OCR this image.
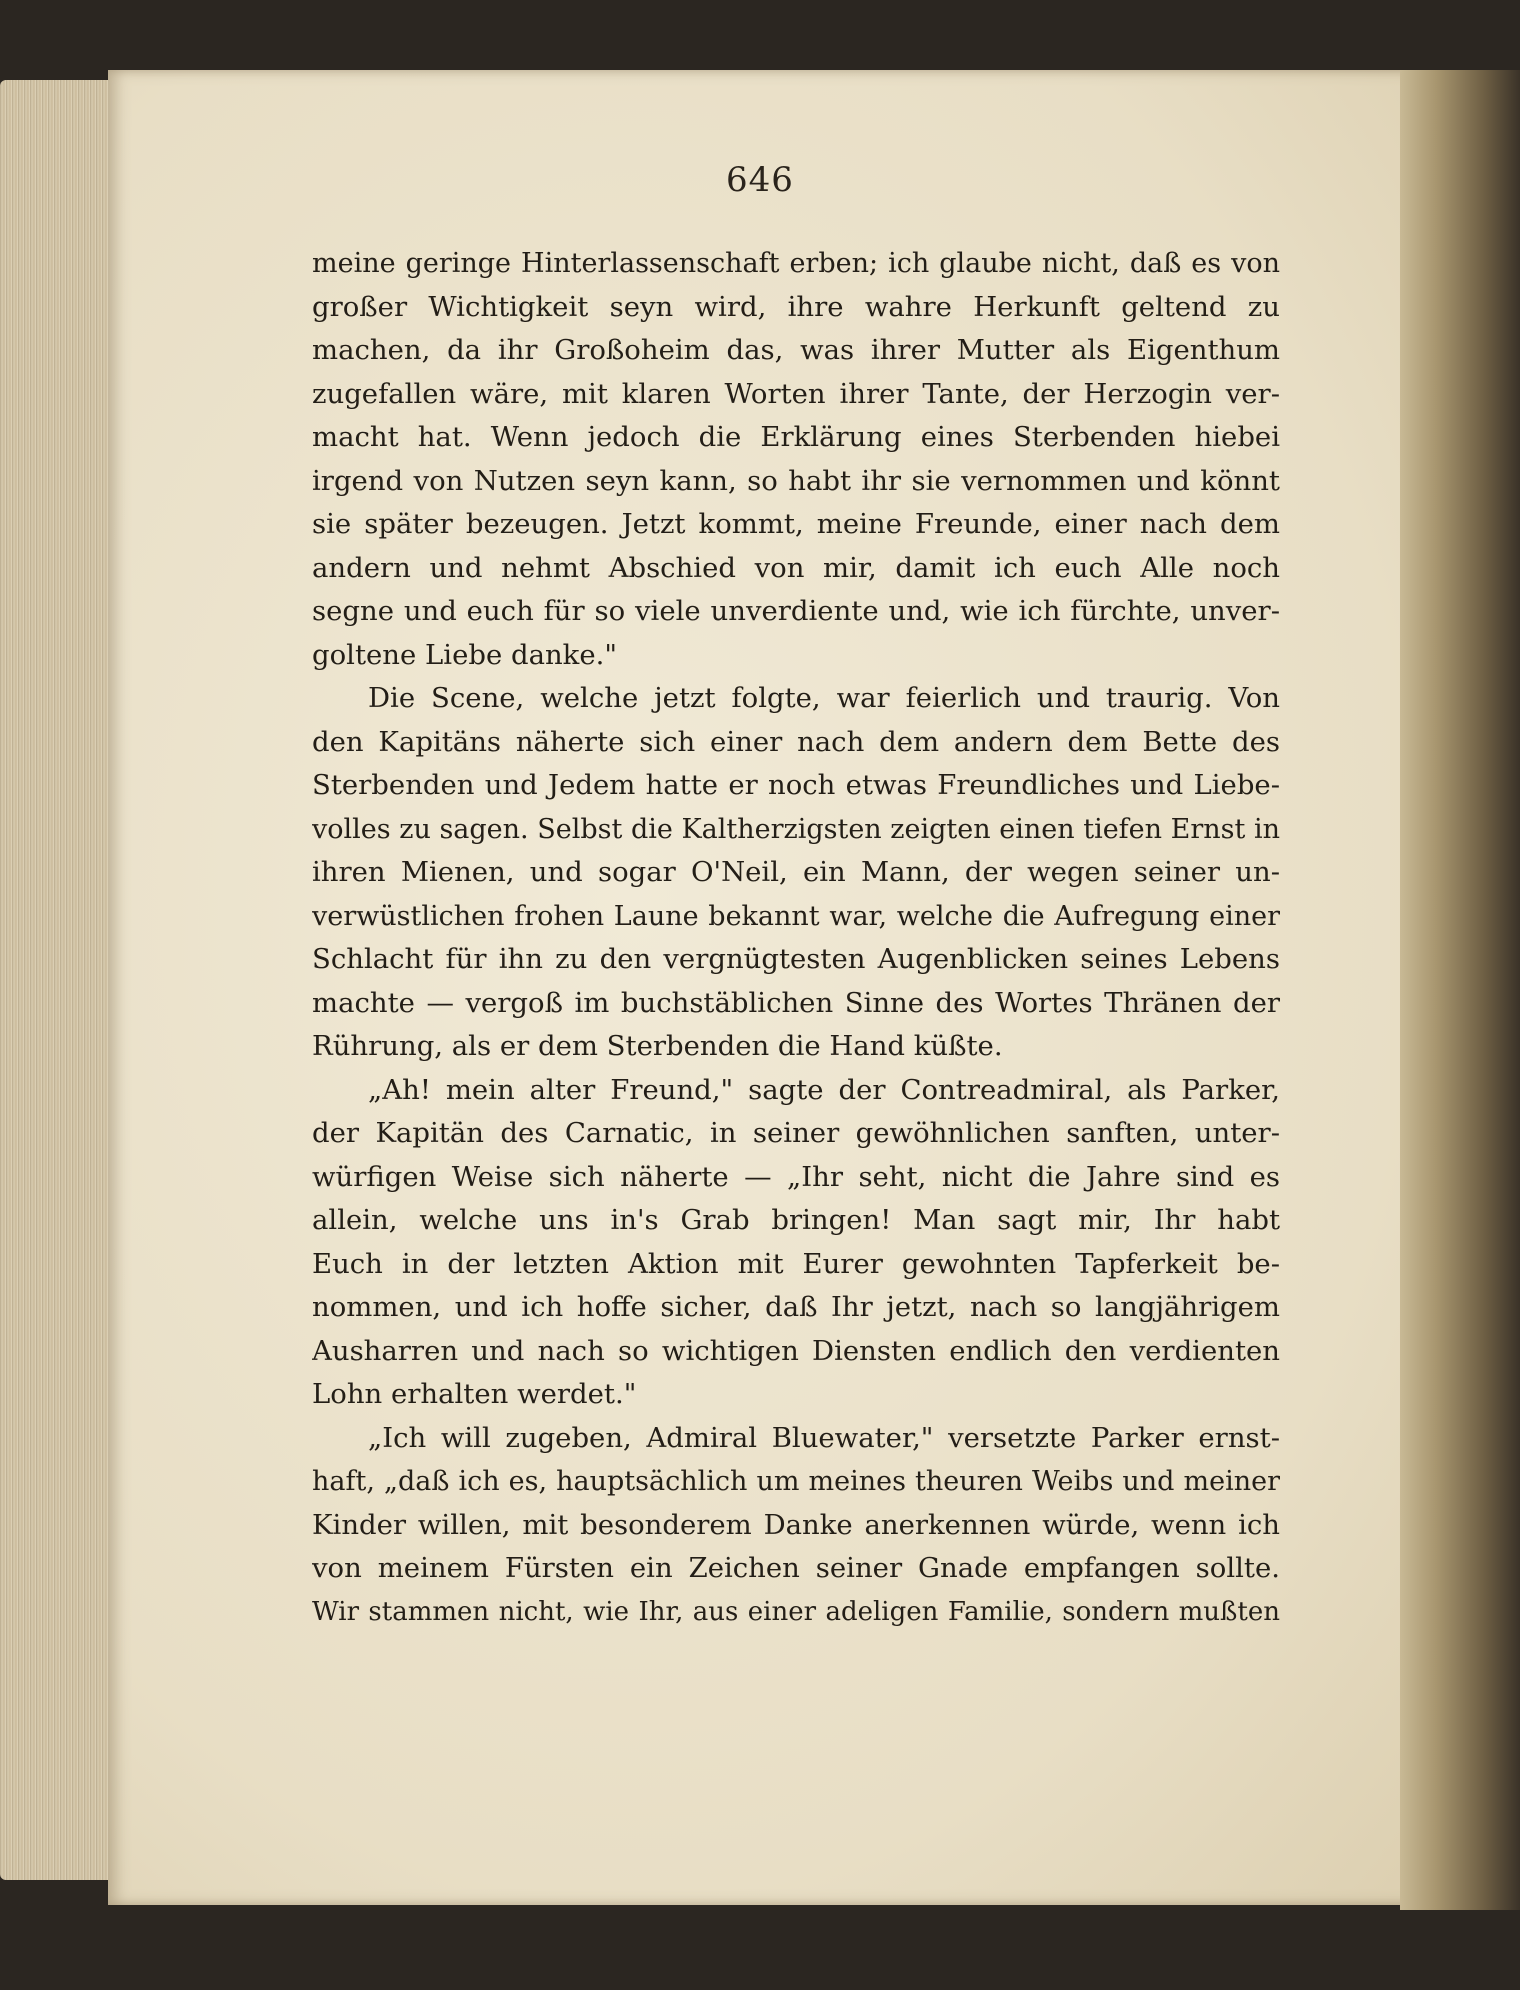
646
meine geringe Hinterlassenschaft erben; ich glaube nicht, daß es von
großer Wichtigkeit seyn wird, ihre wahre Herkunft geltend zu
machen, da ihr Großoheim das, was ihrer Mutter als Eigenthum
zugefallen wäre, mit klaren Worten ihrer Tante, der Herzogin ver-
macht hat. Wenn jedoch die Erklärung eines Sterbenden hiebei
irgend von Nutzen seyn kann, so habt ihr sie vernommen und könnt
sie später bezeugen. Jetzt kommt, meine Freunde, einer nach dem
andern und nehmt Abschied von mir, damit ich euch Alle noch
segne und euch für so viele unverdiente und, wie ich fürchte, unver-
goltene Liebe danke."
Die Scene, welche jetzt folgte, war feierlich und traurig. Von
den Kapitäns näherte sich einer nach dem andern dem Bette des
Sterbenden und Jedem hatte er noch etwas Freundliches und Liebe-
volles zu sagen. Selbst die Kaltherzigsten zeigten einen tiefen Ernst in
ihren Mienen, und sogar O'Neil, ein Mann, der wegen seiner un-
verwüstlichen frohen Laune bekannt war, welche die Aufregung einer
Schlacht für ihn zu den vergnügtesten Augenblicken seines Lebens
machte — vergoß im buchstäblichen Sinne des Wortes Thränen der
Rührung, als er dem Sterbenden die Hand küßte.
„Ah! mein alter Freund," sagte der Contreadmiral, als Parker,
der Kapitän des Carnatic, in seiner gewöhnlichen sanften, unter-
würfigen Weise sich näherte — „Ihr seht, nicht die Jahre sind es
allein, welche uns in's Grab bringen! Man sagt mir, Ihr habt
Euch in der letzten Aktion mit Eurer gewohnten Tapferkeit be-
nommen, und ich hoffe sicher, daß Ihr jetzt, nach so langjährigem
Ausharren und nach so wichtigen Diensten endlich den verdienten
Lohn erhalten werdet."
„Ich will zugeben, Admiral Bluewater," versetzte Parker ernst-
haft, „daß ich es, hauptsächlich um meines theuren Weibs und meiner
Kinder willen, mit besonderem Danke anerkennen würde, wenn ich
von meinem Fürsten ein Zeichen seiner Gnade empfangen sollte.
Wir stammen nicht, wie Ihr, aus einer adeligen Familie, sondern mußten
